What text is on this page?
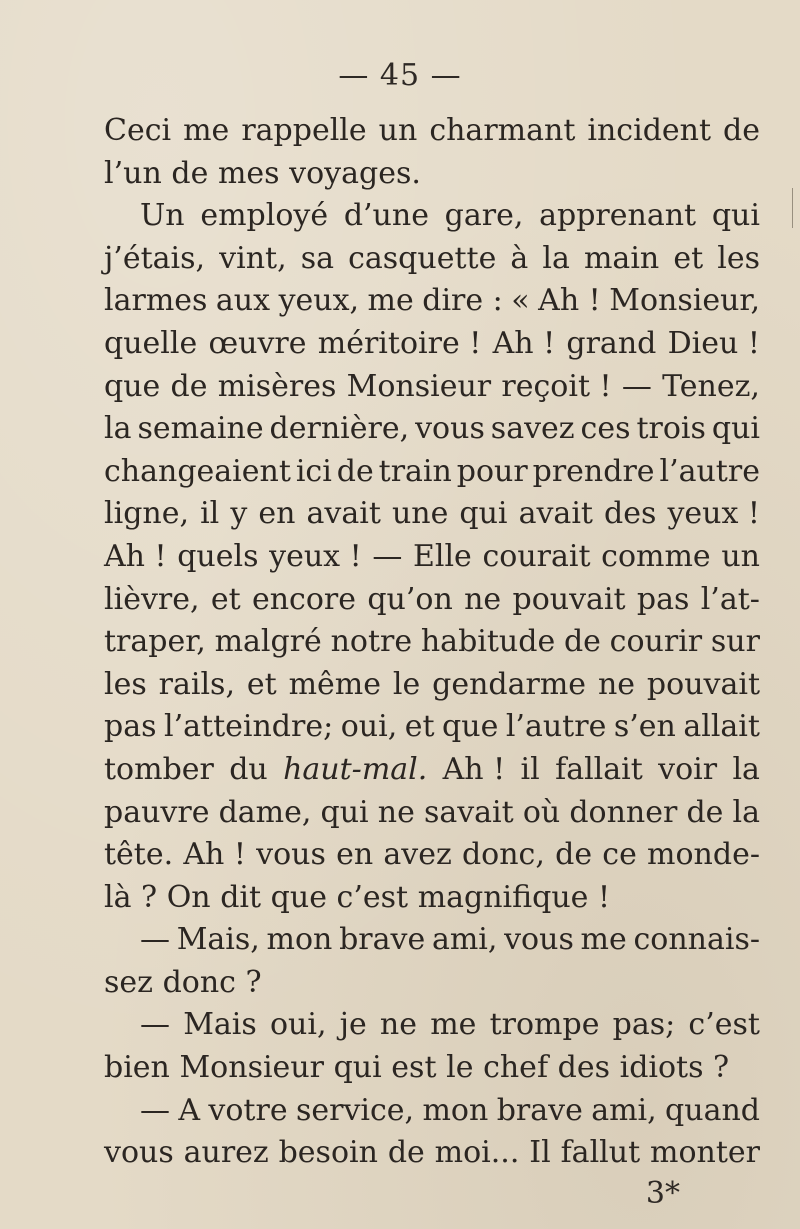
— 45 —
Ceci me rappelle un charmant incident de
l’un de mes voyages.
Un employé d’une gare, apprenant qui
j’étais, vint, sa casquette à la main et les
larmes aux yeux, me dire : « Ah ! Monsieur,
quelle œuvre méritoire ! Ah ! grand Dieu !
que de misères Monsieur reçoit ! — Tenez,
la semaine dernière, vous savez ces trois qui
changeaient ici de train pour prendre l’autre
ligne, il y en avait une qui avait des yeux !
Ah ! quels yeux ! — Elle courait comme un
lièvre, et encore qu’on ne pouvait pas l’at-
traper, malgré notre habitude de courir sur
les rails, et même le gendarme ne pouvait
pas l’atteindre; oui, et que l’autre s’en allait
tomber du haut-mal. Ah ! il fallait voir la
pauvre dame, qui ne savait où donner de la
tête. Ah ! vous en avez donc, de ce monde-
là ? On dit que c’est magnifique !
— Mais, mon brave ami, vous me connais-
sez donc ?
— Mais oui, je ne me trompe pas; c’est
bien Monsieur qui est le chef des idiots ?
— A votre service, mon brave ami, quand
vous aurez besoin de moi... Il fallut monter
3*
